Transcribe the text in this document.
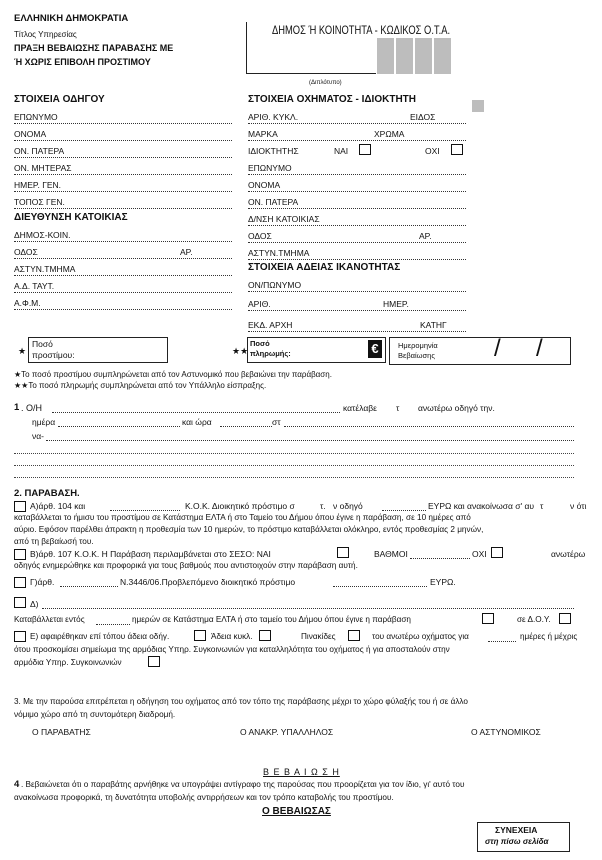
ΕΛΛΗΝΙΚΗ ΔΗΜΟΚΡΑΤΙΑ
Τίτλος Υπηρεσίας
ΠΡΑΞΗ ΒΕΒΑΙΩΣΗΣ ΠΑΡΑΒΑΣΗΣ ΜΕ
Ή ΧΩΡΙΣ ΕΠΙΒΟΛΗ ΠΡΟΣΤΙΜΟΥ
ΔΗΜΟΣ Ή ΚΟΙΝΟΤΗΤΑ - ΚΩΔΙΚΟΣ Ο.Τ.Α.
(Διπλότυπο)
ΣΤΟΙΧΕΙΑ ΟΔΗΓΟΥ
ΕΠΩΝΥΜΟ
ΟΝΟΜΑ
ΟΝ. ΠΑΤΕΡΑ
ΟΝ. ΜΗΤΕΡΑΣ
ΗΜΕΡ. ΓΕΝ.
ΤΟΠΟΣ ΓΕΝ.
ΔΙΕΥΘΥΝΣΗ ΚΑΤΟΙΚΙΑΣ
ΔΗΜΟΣ-ΚΟΙΝ.
ΟΔΟΣ	ΑΡ.
ΑΣΤΥΝ.ΤΜΗΜΑ
Α.Δ. ΤΑΥΤ.
Α.Φ.Μ.
ΣΤΟΙΧΕΙΑ ΟΧΗΜΑΤΟΣ - ΙΔΙΟΚΤΗΤΗ
ΑΡΙΘ. ΚΥΚΛ.	ΕΙΔΟΣ
ΜΑΡΚΑ	ΧΡΩΜΑ
ΙΔΙΟΚΤΗΤΗΣ	ΝΑΙ	ΟΧΙ
ΕΠΩΝΥΜΟ
ΟΝΟΜΑ
ΟΝ. ΠΑΤΕΡΑ
Δ/ΝΣΗ ΚΑΤΟΙΚΙΑΣ
ΟΔΟΣ	ΑΡ.
ΑΣΤΥΝ.ΤΜΗΜΑ
ΣΤΟΙΧΕΙΑ ΑΔΕΙΑΣ ΙΚΑΝΟΤΗΤΑΣ
ΟΝ/ΠΩΝΥΜΟ
ΑΡΙΘ.	ΗΜΕΡ.
ΕΚΔ. ΑΡΧΗ	ΚΑΤΗΓ
★
Ποσό
προστίμου:	★★
Ποσό
πληρωμής:	€	Ημερομηνία
Βεβαίωσης / /
★Το ποσό προστίμου συμπληρώνεται από τον Αστυνομικό που βεβαιώνει την παράβαση.
★★Το ποσό πληρωμής συμπληρώνεται από τον Υπάλληλο είσπραξης.
1 . Ο/Η	κατέλαβε τ ανωτέρω οδηγό την.
ημέρα	και ώρα	στ
να-
2. ΠΑΡΑΒΑΣΗ.
Α)άρθ. 104 και	Κ.Ο.Κ. Διοικητικό πρόστιμο σ	τ. ν οδηγό	ΕΥΡΩ και ανακοίνωσα σ' αυ τ	ν ότι
καταβάλλεται το ήμισυ του προστίμου σε Κατάστημα ΕΛΤΑ ή στο Ταμείο του Δήμου όπου έγινε η παράβαση, σε 10 ημέρες από
αύριο. Εφόσον παρέλθει άπρακτη η προθεσμία των 10 ημερών, το πρόστιμο καταβάλλεται ολόκληρο, εντός προθεσμίας 2 μηνών,
από τη βεβαίωσή του.
Β)άρθ. 107 Κ.Ο.Κ. Η Παράβαση περιλαμβάνεται στο ΣΕΣΟ: ΝΑΙ	ΒΑΘΜΟΙ	ΟΧΙ	ανωτέρω
οδηγός ενημερώθηκε και προφορικά για τους βαθμούς που αντιστοιχούν στην παράβαση αυτή.
Γ)άρθ.	Ν.3446/06.Προβλεπόμενο διοικητικό πρόστιμο	ΕΥΡΩ.
Δ)
Καταβάλλεται εντός	ημερών σε Κατάστημα ΕΛΤΑ ή στο ταμείο του Δήμου όπου έγινε η παράβαση	σε Δ.Ο.Υ.
Ε) αφαιρέθηκαν επί τόπου άδεια οδήγ.	Άδεια κυκλ.	Πινακίδες	του ανωτέρω οχήματος για	ημέρες ή μέχρις
ότου προσκομίσει σημείωμα της αρμόδιας Υπηρ. Συγκοινωνιών για καταλληλότητα του οχήματος ή για αποσταλούν στην
αρμόδια Υπηρ. Συγκοινωνιών
3. Με την παρούσα επιτρέπεται η οδήγηση του οχήματος από τον τόπο της παράβασης μέχρι το χώρο φύλαξής του ή σε άλλο
νόμιμο χώρο από τη συντομότερη διαδρομή.
Ο ΠΑΡΑΒΑΤΗΣ	Ο ΑΝΑΚΡ. ΥΠΑΛΛΗΛΟΣ	Ο ΑΣΤΥΝΟΜΙΚΟΣ
Β Ε Β Α Ι Ω Σ Η
4 . Βεβαιώνεται ότι ο παραβάτης αρνήθηκε να υπογράψει αντίγραφο της παρούσας που προορίζεται για τον ίδιο, γι' αυτό του
ανακοίνωσα προφορικά, τη δυνατότητα υποβολής αντιρρήσεων και τον τρόπο καταβολής του προστίμου.
Ο ΒΕΒΑΙΩΣΑΣ
ΣΥΝΕΧΕΙΑ
στη πίσω σελίδα
